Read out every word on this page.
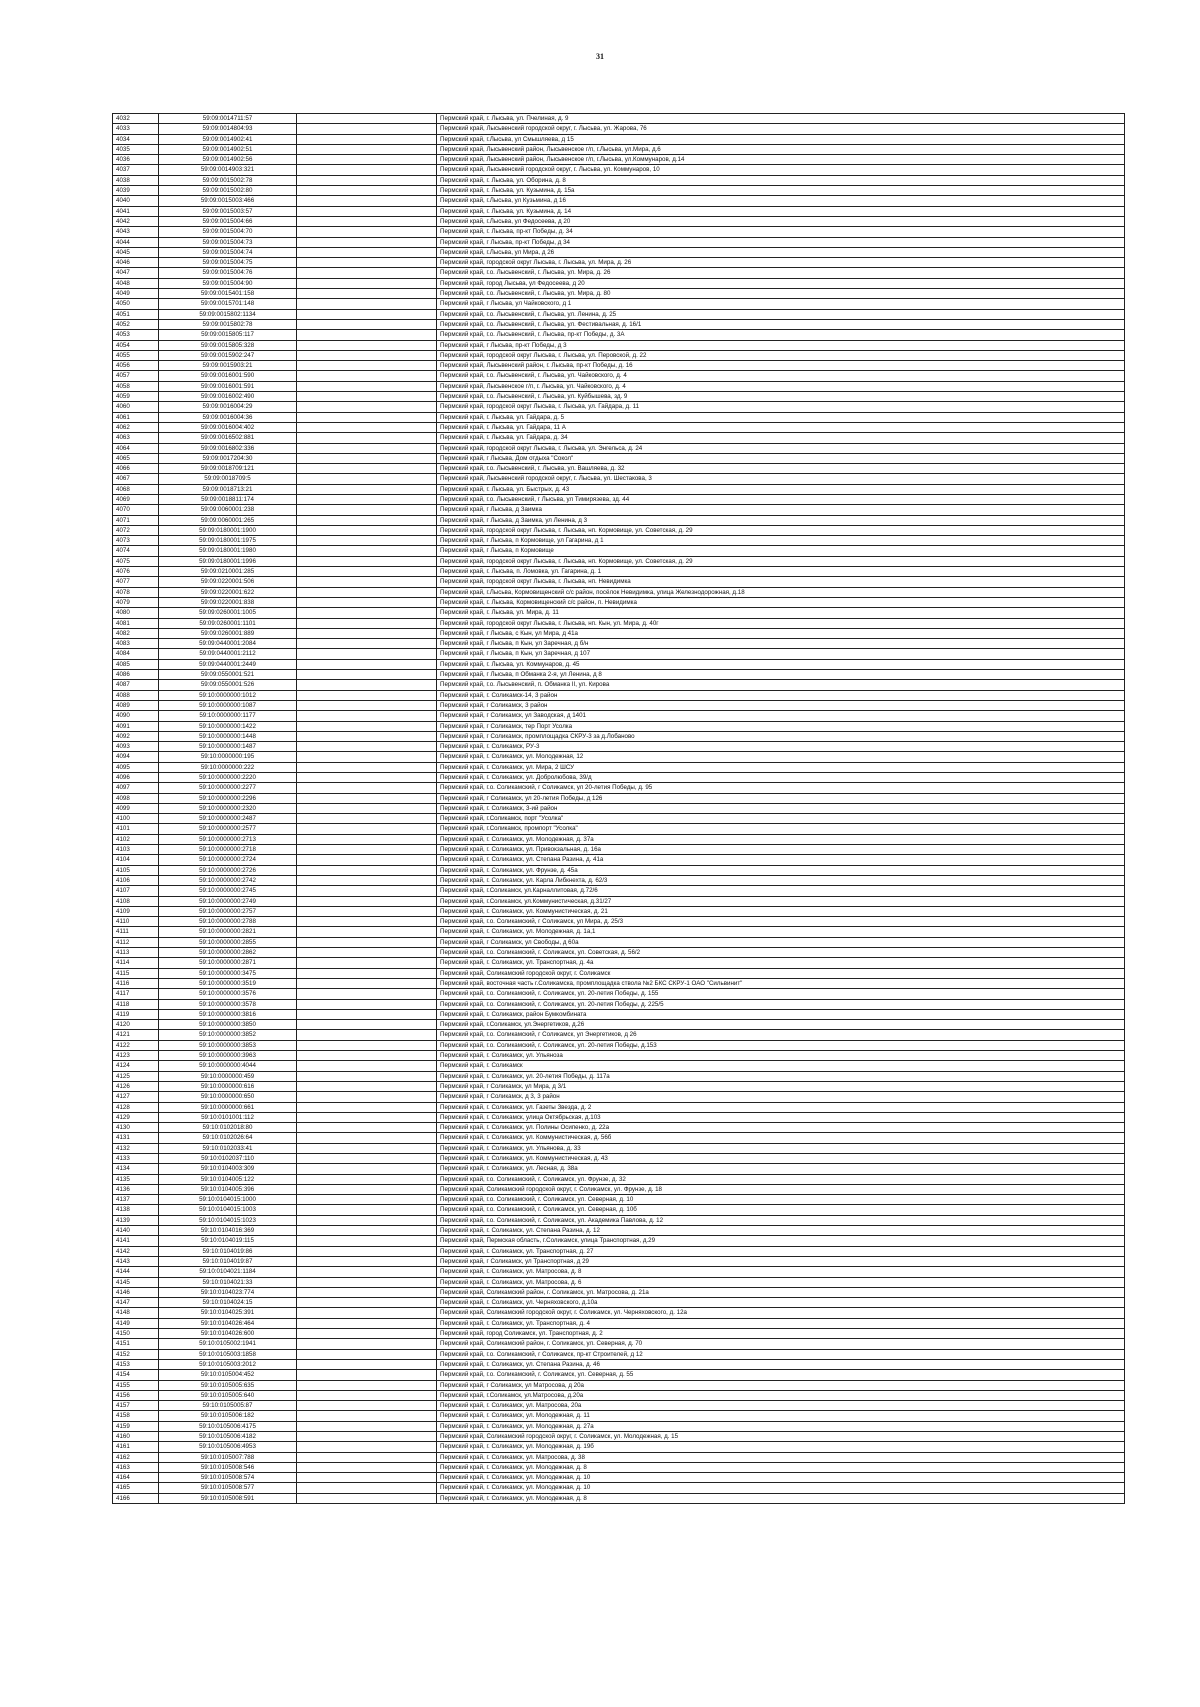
31
4032	59:09:0014711:57		Пермский край, г. Лысьва, ул. Пчелиная, д. 9
4033	59:09:0014804:93		Пермский край, Лысьвенский городской округ, г. Лысьва, ул. Жарова, 76
4034	59:09:0014902:41		Пермский край, г.Лысьва, ул Смышляева, д 15
4035	59:09:0014902:51		Пермский край, Лысьвенский район, Лысьвенское г/п, г.Лысьва, ул.Мира, д.6
4036	59:09:0014902:56		Пермский край, Лысьвенский район, Лысьвенское г/п, г.Лысьва, ул.Коммунаров, д.14
4037	59:09:0014903:321		Пермский край, Лысьвенский городской округ, г. Лысьва, ул. Коммунаров, 10
4038	59:09:0015002:78		Пермский край, г. Лысьва, ул. Оборина, д. 8
4039	59:09:0015002:80		Пермский край, г. Лысьва, ул. Кузьмина, д. 15а
4040	59:09:0015003:466		Пермский край, г.Лысьва, ул Кузьмина, д 16
4041	59:09:0015003:57		Пермский край, г. Лысьва, ул. Кузьмина, д. 14
4042	59:09:0015004:66		Пермский край, г.Лысьва, ул Федосеева, д 20
4043	59:09:0015004:70		Пермский край, г. Лысьва, пр-кт Победы, д. 34
4044	59:09:0015004:73		Пермский край, г Лысьва, пр-кт Победы, д 34
4045	59:09:0015004:74		Пермский край, г.Лысьва, ул Мира, д 26
4046	59:09:0015004:75		Пермский край, городской округ Лысьва, г. Лысьва, ул. Мира, д. 26
4047	59:09:0015004:76		Пермский край, г.о. Лысьвенский, г. Лысьва, ул. Мира, д. 26
4048	59:09:0015004:90		Пермский край, город Лысьва, ул Федосеева, д 20
4049	59:09:0015401:158		Пермский край, г.о. Лысьвенский, г. Лысьва, ул. Мира, д. 80
4050	59:09:0015701:148		Пермский край, г Лысьва, ул Чайковского, д 1
4051	59:09:0015802:1134		Пермский край, г.о. Лысьвенский, г. Лысьва, ул. Ленина, д. 25
4052	59:09:0015802:78		Пермский край, г.о. Лысьвенский, г. Лысьва, ул. Фестивальная, д. 16/1
4053	59:09:0015805:117		Пермский край, г.о. Лысьвенский, г. Лысьва, пр-кт Победы, д. 3А
4054	59:09:0015805:328		Пермский край, г Лысьва, пр-кт Победы, д 3
4055	59:09:0015902:247		Пермский край, городской округ Лысьва, г. Лысьва, ул. Перовской, д. 22
4056	59:09:0015903:21		Пермский край, Лысьвенский район, г. Лысьва, пр-кт Победы, д. 16
4057	59:09:0016001:590		Пермский край, г.о. Лысьвенский, г. Лысьва, ул. Чайковского, д. 4
4058	59:09:0016001:591		Пермский край, Лысьвенское г/п, г. Лысьва, ул. Чайковского, д. 4
4059	59:09:0016002:490		Пермский край, г.о. Лысьвенский, г. Лысьва, ул. Куйбышева, зд. 9
4060	59:09:0016004:29		Пермский край, городской округ Лысьва, г. Лысьва, ул. Гайдара, д. 11
4061	59:09:0016004:36		Пермский край, г. Лысьва, ул. Гайдара, д. 5
4062	59:09:0016004:402		Пермский край, г. Лысьва, ул. Гайдара, 11 А
4063	59:09:0016502:881		Пермский край, г. Лысьва, ул. Гайдара, д. 34
4064	59:09:0016802:336		Пермский край, городской округ Лысьва, г. Лысьва, ул. Энгельса, д. 24
4065	59:09:0017204:30		Пермский край, г Лысьва, Дом отдыха "Сокол"
4066	59:09:0018709:121		Пермский край, г.о. Лысьвенский, г. Лысьва, ул. Вашляева, д. 32
4067	59:09:0018709:5		Пермский край, Лысьвенский городской округ, г. Лысьва, ул. Шестакова, 3
4068	59:09:0018713:21		Пермский край, г. Лысьва, ул. Быстрых, д. 43
4069	59:09:0018811:174		Пермский край, г.о. Лысьвенский, г Лысьва, ул Тимирязева, зд. 44
4070	59:09:0060001:238		Пермский край, г Лысьва, д Заимка
4071	59:09:0060001:265		Пермский край, г Лысьва, д Заимка, ул Ленина, д 3
4072	59:09:0180001:1900		Пермский край, городской округ Лысьва, г. Лысьва, нп. Кормовище, ул. Советская, д. 29
4073	59:09:0180001:1975		Пермский край, г Лысьва, п Кормовище, ул Гагарина, д 1
4074	59:09:0180001:1980		Пермский край, г Лысьва, п Кормовище
4075	59:09:0180001:1996		Пермский край, городской округ Лысьва, г. Лысьва, нп. Кормовище, ул. Советская, д. 29
4076	59:09:0210001:285		Пермский край, г. Лысьва, п. Ломовка, ул. Гагарина, д. 1
4077	59:09:0220001:506		Пермский край, городской округ Лысьва, г. Лысьва, нп. Невидимка
4078	59:09:0220001:622		Пермский край, г.Лысьва, Кормовищенский с/с район, посёлок Невидимка, улица Железнодорожная, д.18
4079	59:09:0220001:838		Пермский край, г. Лысьва, Кормовищенский с/с район, п. Невидимка
4080	59:09:0260001:1005		Пермский край, г. Лысьва, ул. Мира, д. 11
4081	59:09:0260001:1101		Пермский край, городской округ Лысьва, г. Лысьва, нп. Кын, ул. Мира, д. 40г
4082	59:09:0260001:889		Пермский край, г Лысьва, с Кын, ул Мира, д 41а
4083	59:09:0440001:2084		Пермский край, г Лысьва, п Кын, ул Заречная, д б/н
4084	59:09:0440001:2112		Пермский край, г Лысьва, п Кын, ул Заречная, д 107
4085	59:09:0440001:2449		Пермский край, г. Лысьва, ул. Коммунаров, д. 45
4086	59:09:0550001:521		Пермский край, г Лысьва, п Обманка 2-я, ул Ленина, д 8
4087	59:09:0550001:526		Пермский край, г.о. Лысьвенский, п. Обманка II, ул. Кирова
4088	59:10:0000000:1012		Пермский край, г. Соликамск-14, 3 район
4089	59:10:0000000:1087		Пермский край, г Соликамск, 3 район
4090	59:10:0000000:1177		Пермский край, г Соликамск, ул Заводская, д 1401
4091	59:10:0000000:1422		Пермский край, г Соликамск, тер Порт Усолка
4092	59:10:0000000:1448		Пермский край, г Соликамск, промплощадка СКРУ-3 за д.Лобаново
4093	59:10:0000000:1487		Пермский край, г. Соликамск, РУ-3
4094	59:10:0000000:195		Пермский край, г. Соликамск, ул. Молодежная, 12
4095	59:10:0000000:222		Пермский край, г. Соликамск, ул. Мира, 2 ШСУ
4096	59:10:0000000:2220		Пермский край, г. Соликамск, ул. Добролюбова, 39/д
4097	59:10:0000000:2277		Пермский край, г.о. Соликамский, г Соликамск, ул 20-летия Победы, д. 95
4098	59:10:0000000:2296		Пермский край, г Соликамск, ул 20-летия Победы, д 126
4099	59:10:0000000:2320		Пермский край, г. Соликамск, 3-ий район
4100	59:10:0000000:2487		Пермский край, г.Соликамск, порт "Усолка"
4101	59:10:0000000:2577		Пермский край, г.Соликамск, промпорт "Усолка"
4102	59:10:0000000:2713		Пермский край, г. Соликамск, ул. Молодежная, д. 37а
4103	59:10:0000000:2718		Пермский край, г. Соликамск, ул. Привокзальная, д. 16а
4104	59:10:0000000:2724		Пермский край, г. Соликамск, ул. Степана Разина, д. 41а
4105	59:10:0000000:2726		Пермский край, г. Соликамск, ул. Фрунзе, д. 45а
4106	59:10:0000000:2742		Пермский край, г. Соликамск, ул. Карла Либкнехта, д. 62/3
4107	59:10:0000000:2745		Пермский край, г.Соликамск, ул.Карналлитовая, д.72/6
4108	59:10:0000000:2749		Пермский край, г.Соликамск, ул.Коммунистическая, д.31/27
4109	59:10:0000000:2757		Пермский край, г. Соликамск, ул. Коммунистическая, д. 21
4110	59:10:0000000:2788		Пермский край, г.о. Соликамский, г Соликамск, ул Мира, д. 25/3
4111	59:10:0000000:2821		Пермский край, г. Соликамск, ул. Молодежная, д. 1а,1
4112	59:10:0000000:2855		Пермский край, г Соликамск, ул Свободы, д 60а
4113	59:10:0000000:2862		Пермский край, г.о. Соликамский, г. Соликамск, ул. Советская, д. 56/2
4114	59:10:0000000:2871		Пермский край, г. Соликамск, ул. Транспортная, д. 4а
4115	59:10:0000000:3475		Пермский край, Соликамский городской округ, г. Соликамск
4116	59:10:0000000:3519		Пермский край, восточная часть г.Соликамска, промплощадка ствола №2 БКС СКРУ-1 ОАО "Сильвинит"
4117	59:10:0000000:3576		Пермский край, г.о. Соликамский, г. Соликамск, ул. 20-летия Победы, д. 155
4118	59:10:0000000:3578		Пермский край, г.о. Соликамский, г. Соликамск, ул. 20-летия Победы, д. 225/5
4119	59:10:0000000:3816		Пермский край, г. Соликамск, район Бумкомбината
4120	59:10:0000000:3850		Пермский край, г.Соликамск, ул.Энергетиков, д.26
4121	59:10:0000000:3852		Пермский край, г.о. Соликамский, г Соликамск, ул Энергетиков, д 26
4122	59:10:0000000:3853		Пермский край, г.о. Соликамский, г. Соликамск, ул. 20-летия Победы, д.153
4123	59:10:0000000:3963		Пермский край, г. Соликамск, ул. Ульяноза
4124	59:10:0000000:4044		Пермский край, г. Соликамск
4125	59:10:0000000:459		Пермский край, г. Соликамск, ул. 20-летия Победы, д. 117а
4126	59:10:0000000:616		Пермский край, г Соликамск, ул Мира, д 3/1
4127	59:10:0000000:650		Пермский край, г Соликамск, д 3, 3 район
4128	59:10:0000000:661		Пермский край, г. Соликамск, ул. Газеты Звезда, д. 2
4129	59:10:0101001:112		Пермский край, г. Соликамск, улица Октябрьская, д.103
4130	59:10:0102018:80		Пермский край, г. Соликамск, ул. Полины Осипенко, д. 22а
4131	59:10:0102026:64		Пермский край, г. Соликамск, ул. Коммунистическая, д. 56б
4132	59:10:0102033:41		Пермский край, г. Соликамск, ул. Ульянова, д. 33
4133	59:10:0102037:110		Пермский край, г. Соликамск, ул. Коммунистическая, д. 43
4134	59:10:0104003:309		Пермский край, г. Соликамск, ул. Лесная, д. 38а
4135	59:10:0104005:122		Пермский край, г.о. Соликамский, г. Соликамск, ул. Фрунзе, д. 32
4136	59:10:0104005:396		Пермский край, Соликамский городской округ, г. Соликамск, ул. Фрунзе, д. 18
4137	59:10:0104015:1000		Пермский край, г.о. Соликамский, г. Соликамск, ул. Северная, д. 10
4138	59:10:0104015:1003		Пермский край, г.о. Соликамский, г. Соликамск, ул. Северная, д. 10б
4139	59:10:0104015:1023		Пермский край, г.о. Соликамский, г. Соликамск, ул. Академика Павлова, д. 12
4140	59:10:0104016:369		Пермский край, г. Соликамск, ул. Степана Разина, д. 12
4141	59:10:0104019:115		Пермский край, Пермская область, г.Соликамск, улица Транспортная, д.29
4142	59:10:0104019:86		Пермский край, г. Соликамск, ул. Транспортная, д. 27
4143	59:10:0104019:87		Пермский край, г Соликамск, ул Транспортная, д 29
4144	59:10:0104021:1184		Пермский край, г. Соликамск, ул. Матросова, д. 8
4145	59:10:0104021:33		Пермский край, г. Соликамск, ул. Матросова, д. 6
4146	59:10:0104023:774		Пермский край, Соликамский район, г. Соликамск, ул. Матросова, д. 21а
4147	59:10:0104024:15		Пермский край, г. Соликамск, ул. Черняховского, д.10а
4148	59:10:0104025:391		Пермский край, Соликамский городской округ, г. Соликамск, ул. Черняховского, д. 12а
4149	59:10:0104026:464		Пермский край, г. Соликамск, ул. Транспортная, д. 4
4150	59:10:0104026:600		Пермский край, город Соликамск, ул. Транспортная, д. 2
4151	59:10:0105002:1941		Пермский край, Соликамский район, г. Соликамск, ул. Северная, д. 70
4152	59:10:0105003:1858		Пермский край, г.о. Соликамский, г Соликамск, пр-кт Строителей, д 12
4153	59:10:0105003:2012		Пермский край, г. Соликамск, ул. Степана Разина, д. 46
4154	59:10:0105004:452		Пермский край, г.о. Соликамский, г. Соликамск, ул. Северная, д. 55
4155	59:10:0105005:635		Пермский край, г Соликамск, ул Матросова, д 20а
4156	59:10:0105005:640		Пермский край, г.Соликамск, ул.Матросова, д.20а
4157	59:10:0105005:87		Пермский край, г. Соликамск, ул. Матросова, 20а
4158	59:10:0105006:182		Пермский край, г. Соликамск, ул. Молодежная, д. 11
4159	59:10:0105006:4175		Пермский край, г. Соликамск, ул. Молодежная, д. 27а
4160	59:10:0105006:4182		Пермский край, Соликамский городской округ, г. Соликамск, ул. Молодежная, д. 15
4161	59:10:0105006:4953		Пермский край, г. Соликамск, ул. Молодежная, д. 19б
4162	59:10:0105007:788		Пермский край, г. Соликамск, ул. Матросова, д. 38
4163	59:10:0105008:546		Пермский край, г. Соликамск, ул. Молодежная, д. 8
4164	59:10:0105008:574		Пермский край, г. Соликамск, ул. Молодежная, д. 10
4165	59:10:0105008:577		Пермский край, г. Соликамск, ул. Молодежная, д. 10
4166	59:10:0105008:591		Пермский край, г. Соликамск, ул. Молодежная, д. 8
